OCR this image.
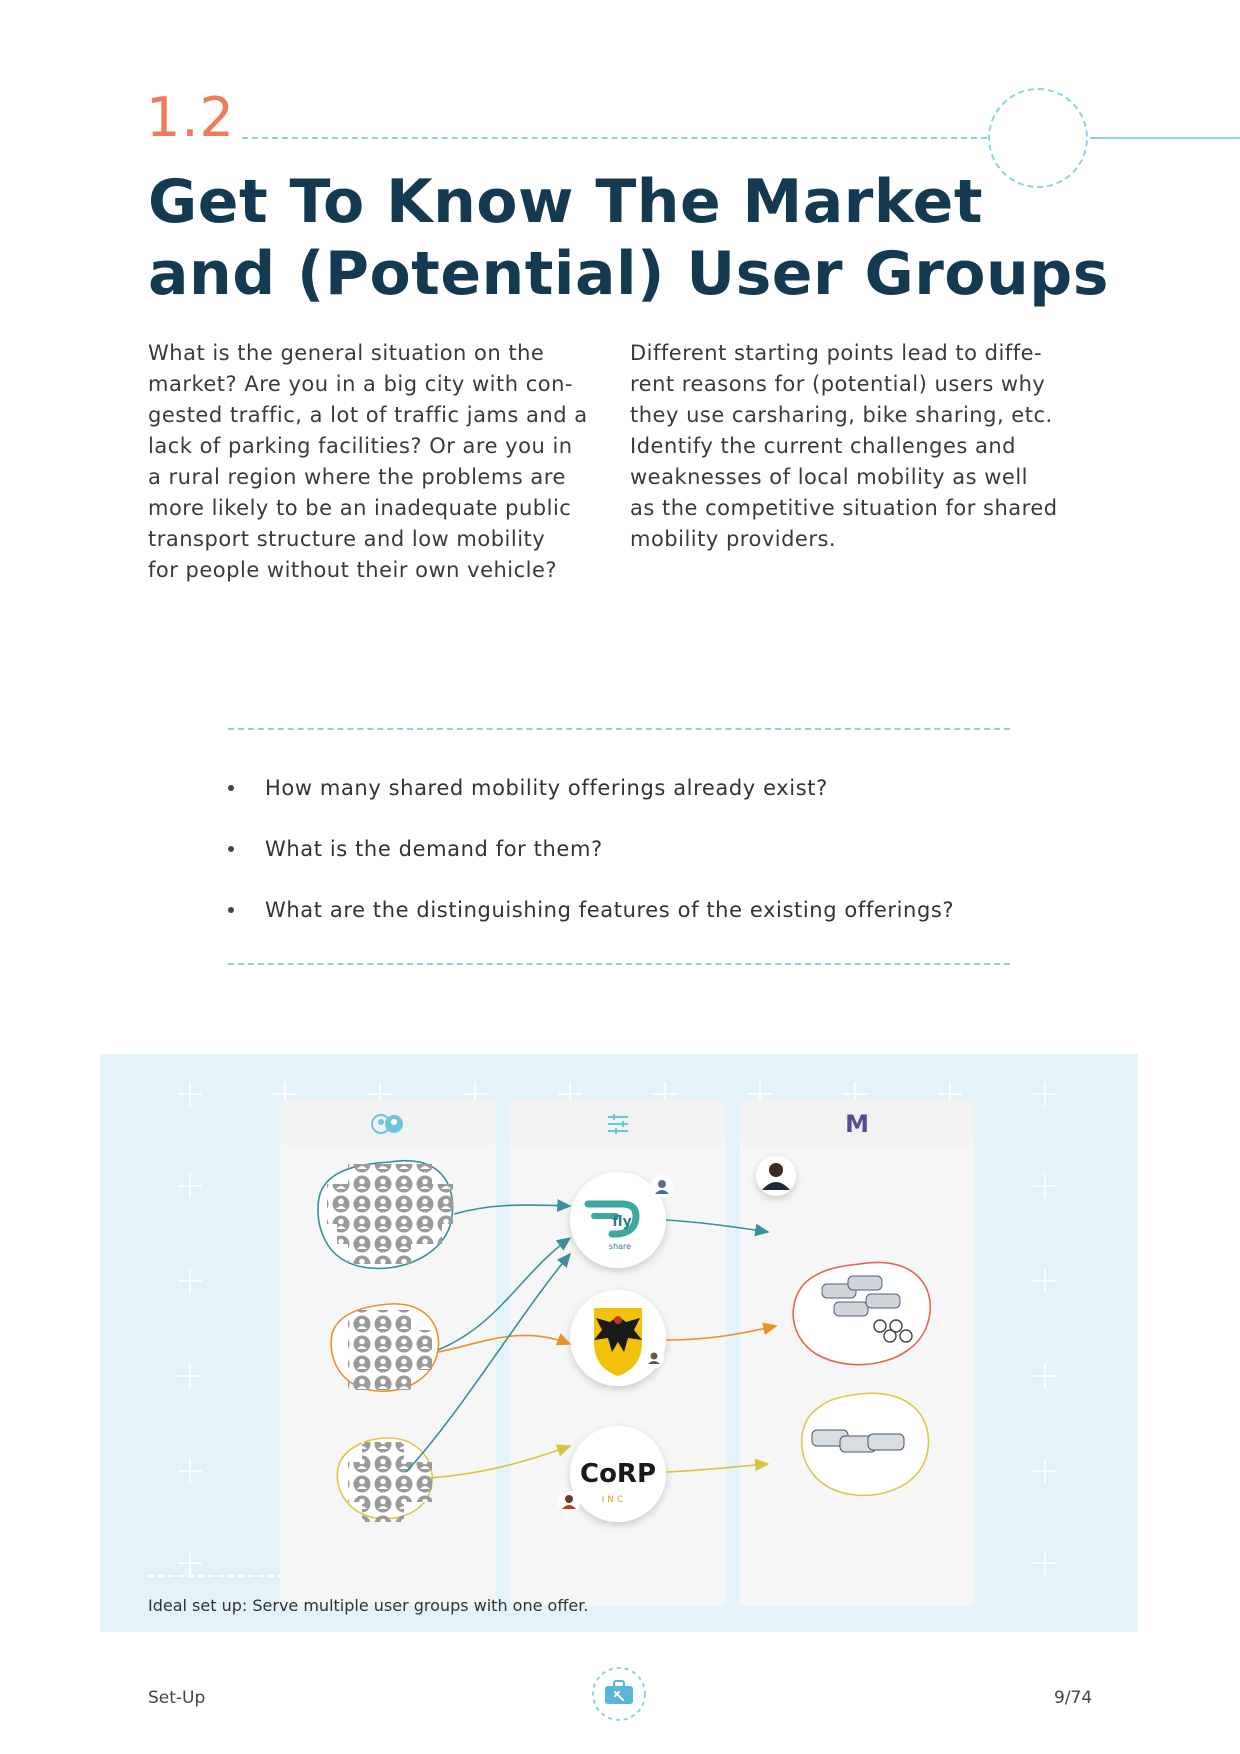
1.2
Get To Know The Market
and (Potential) User Groups
What is the general situation on the
market? Are you in a big city with con-
gested traffic, a lot of traffic jams and a
lack of parking facilities? Or are you in
a rural region where the problems are
more likely to be an inadequate public
transport structure and low mobility
for people without their own vehicle?
Different starting points lead to diffe-
rent reasons for (potential) users why
they use carsharing, bike sharing, etc.
Identify the current challenges and
weaknesses of local mobility as well
as the competitive situation for shared
mobility providers.
How many shared mobility offerings already exist?
What is the demand for them?
What are the distinguishing features of the existing offerings?
M
fly
share
CoRP
INC
Ideal set up: Serve multiple user groups with one offer.
Set-Up	9/74
